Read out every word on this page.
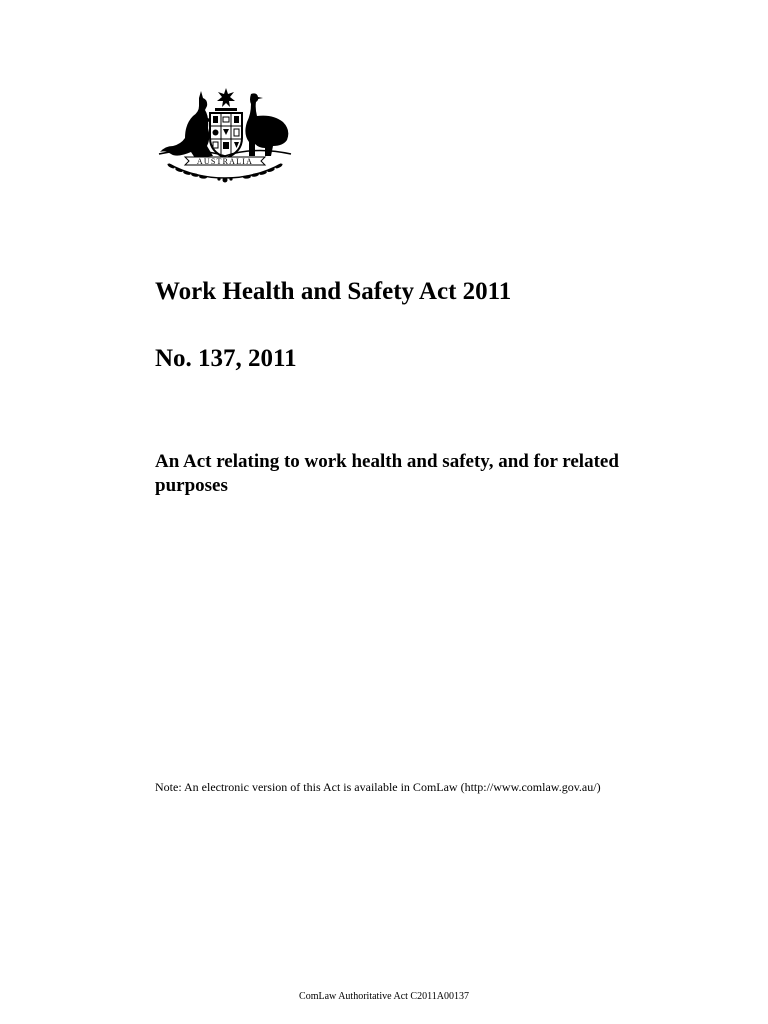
AUSTRALIA
Work Health and Safety Act 2011
No. 137, 2011

An Act relating to work health and safety, and for related purposes

Note: An electronic version of this Act is available in ComLaw (http://www.comlaw.gov.au/)

ComLaw Authoritative Act C2011A00137
